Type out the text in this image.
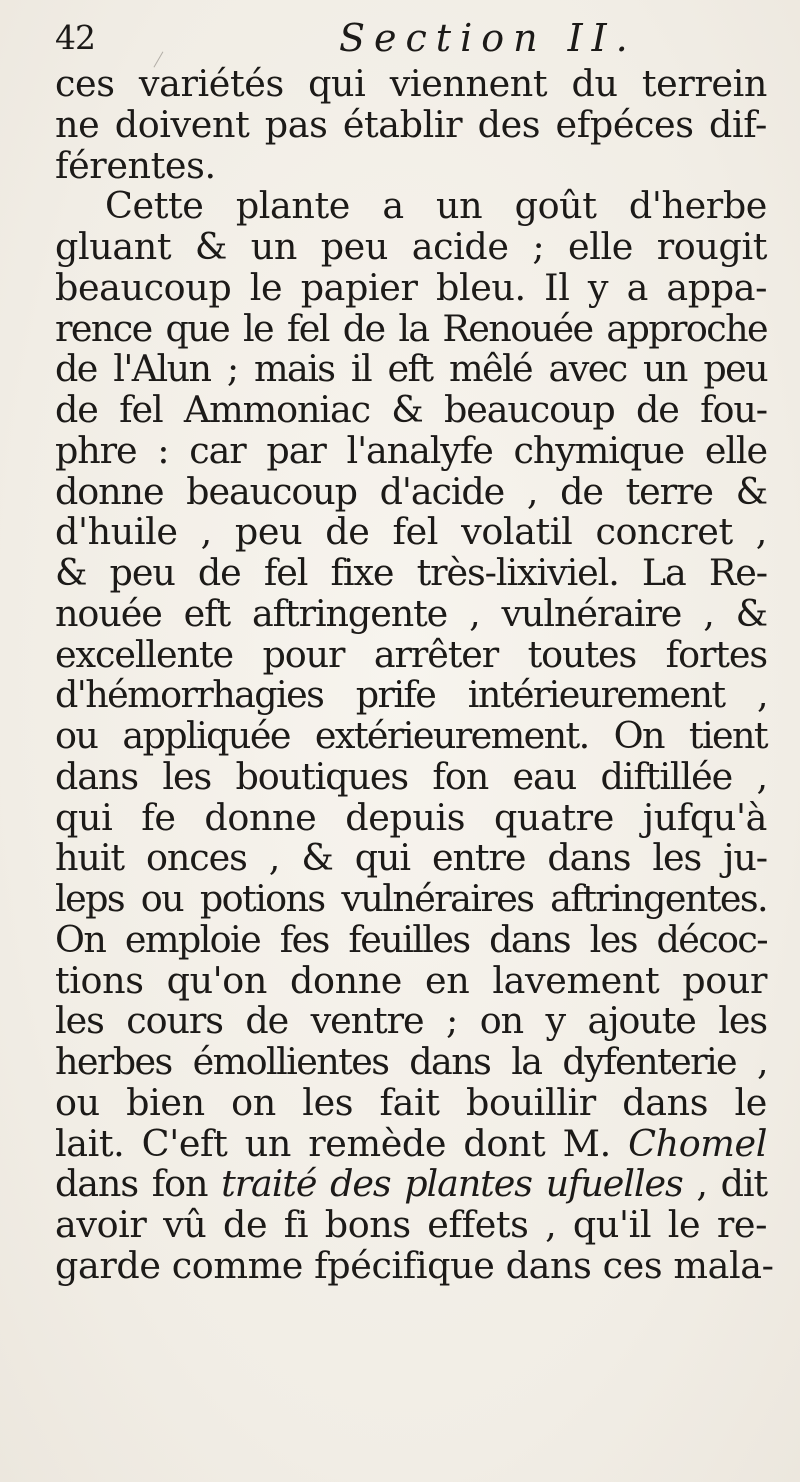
42	Section II.
ces variétés qui viennent du terrein
ne doivent pas établir des efpéces dif-
férentes.
Cette plante a un goût d'herbe
gluant & un peu acide ; elle rougit
beaucoup le papier bleu. Il y a appa-
rence que le fel de la Renouée approche
de l'Alun ; mais il eft mêlé avec un peu
de fel Ammoniac & beaucoup de fou-
phre : car par l'analyfe chymique elle
donne beaucoup d'acide , de terre &
d'huile , peu de fel volatil concret ,
& peu de fel fixe très-lixiviel. La Re-
nouée eft aftringente , vulnéraire , &
excellente pour arrêter toutes fortes
d'hémorrhagies prife intérieurement ,
ou appliquée extérieurement. On tient
dans les boutiques fon eau diftillée ,
qui fe donne depuis quatre jufqu'à
huit onces , & qui entre dans les ju-
leps ou potions vulnéraires aftringentes.
On emploie fes feuilles dans les décoc-
tions qu'on donne en lavement pour
les cours de ventre ; on y ajoute les
herbes émollientes dans la dyfenterie ,
ou bien on les fait bouillir dans le
lait. C'eft un remède dont M. Chomel
dans fon traité des plantes ufuelles , dit
avoir vû de fi bons effets , qu'il le re-
garde comme fpécifique dans ces mala-
